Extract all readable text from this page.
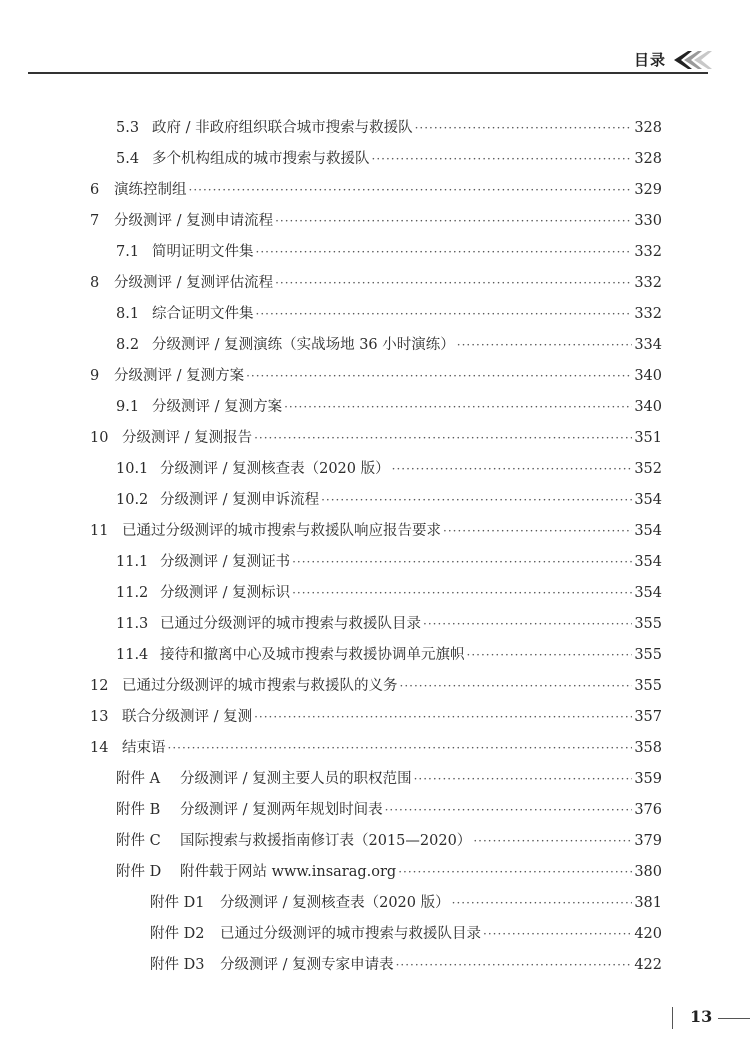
目录
5.3 政府 / 非政府组织联合城市搜索与救援队 ·····	328
5.4 多个机构组成的城市搜索与救援队 ·····	328
6	演练控制组 ·····	329
7	分级测评 / 复测申请流程 ·····	330
7.1 简明证明文件集 ·····	332
8	分级测评 / 复测评估流程 ·····	332
8.1 综合证明文件集 ·····	332
8.2 分级测评 / 复测演练（实战场地 36 小时演练） ·····	334
9	分级测评 / 复测方案 ·····	340
9.1 分级测评 / 复测方案 ·····	340
10 分级测评 / 复测报告 ·····	351
10.1 分级测评 / 复测核查表（2020 版） ·····	352
10.2 分级测评 / 复测申诉流程 ·····	354
11 已通过分级测评的城市搜索与救援队响应报告要求 ·····	354
11.1 分级测评 / 复测证书 ·····	354
11.2 分级测评 / 复测标识 ·····	354
11.3 已通过分级测评的城市搜索与救援队目录 ·····	355
11.4 接待和撤离中心及城市搜索与救援协调单元旗帜 ·····	355
12 已通过分级测评的城市搜索与救援队的义务 ·····	355
13 联合分级测评 / 复测 ·····	357
14 结束语 ·····	358
附件 A	分级测评 / 复测主要人员的职权范围 ·····	359
附件 B	分级测评 / 复测两年规划时间表 ·····	376
附件 C	国际搜索与救援指南修订表（2015—2020） ·····	379
附件 D	附件载于网站 www.insarag.org ·····	380
附件 D1	分级测评 / 复测核查表（2020 版） ·····	381
附件 D2	已通过分级测评的城市搜索与救援队目录 ·····	420
附件 D3	分级测评 / 复测专家申请表 ·····	422
13
